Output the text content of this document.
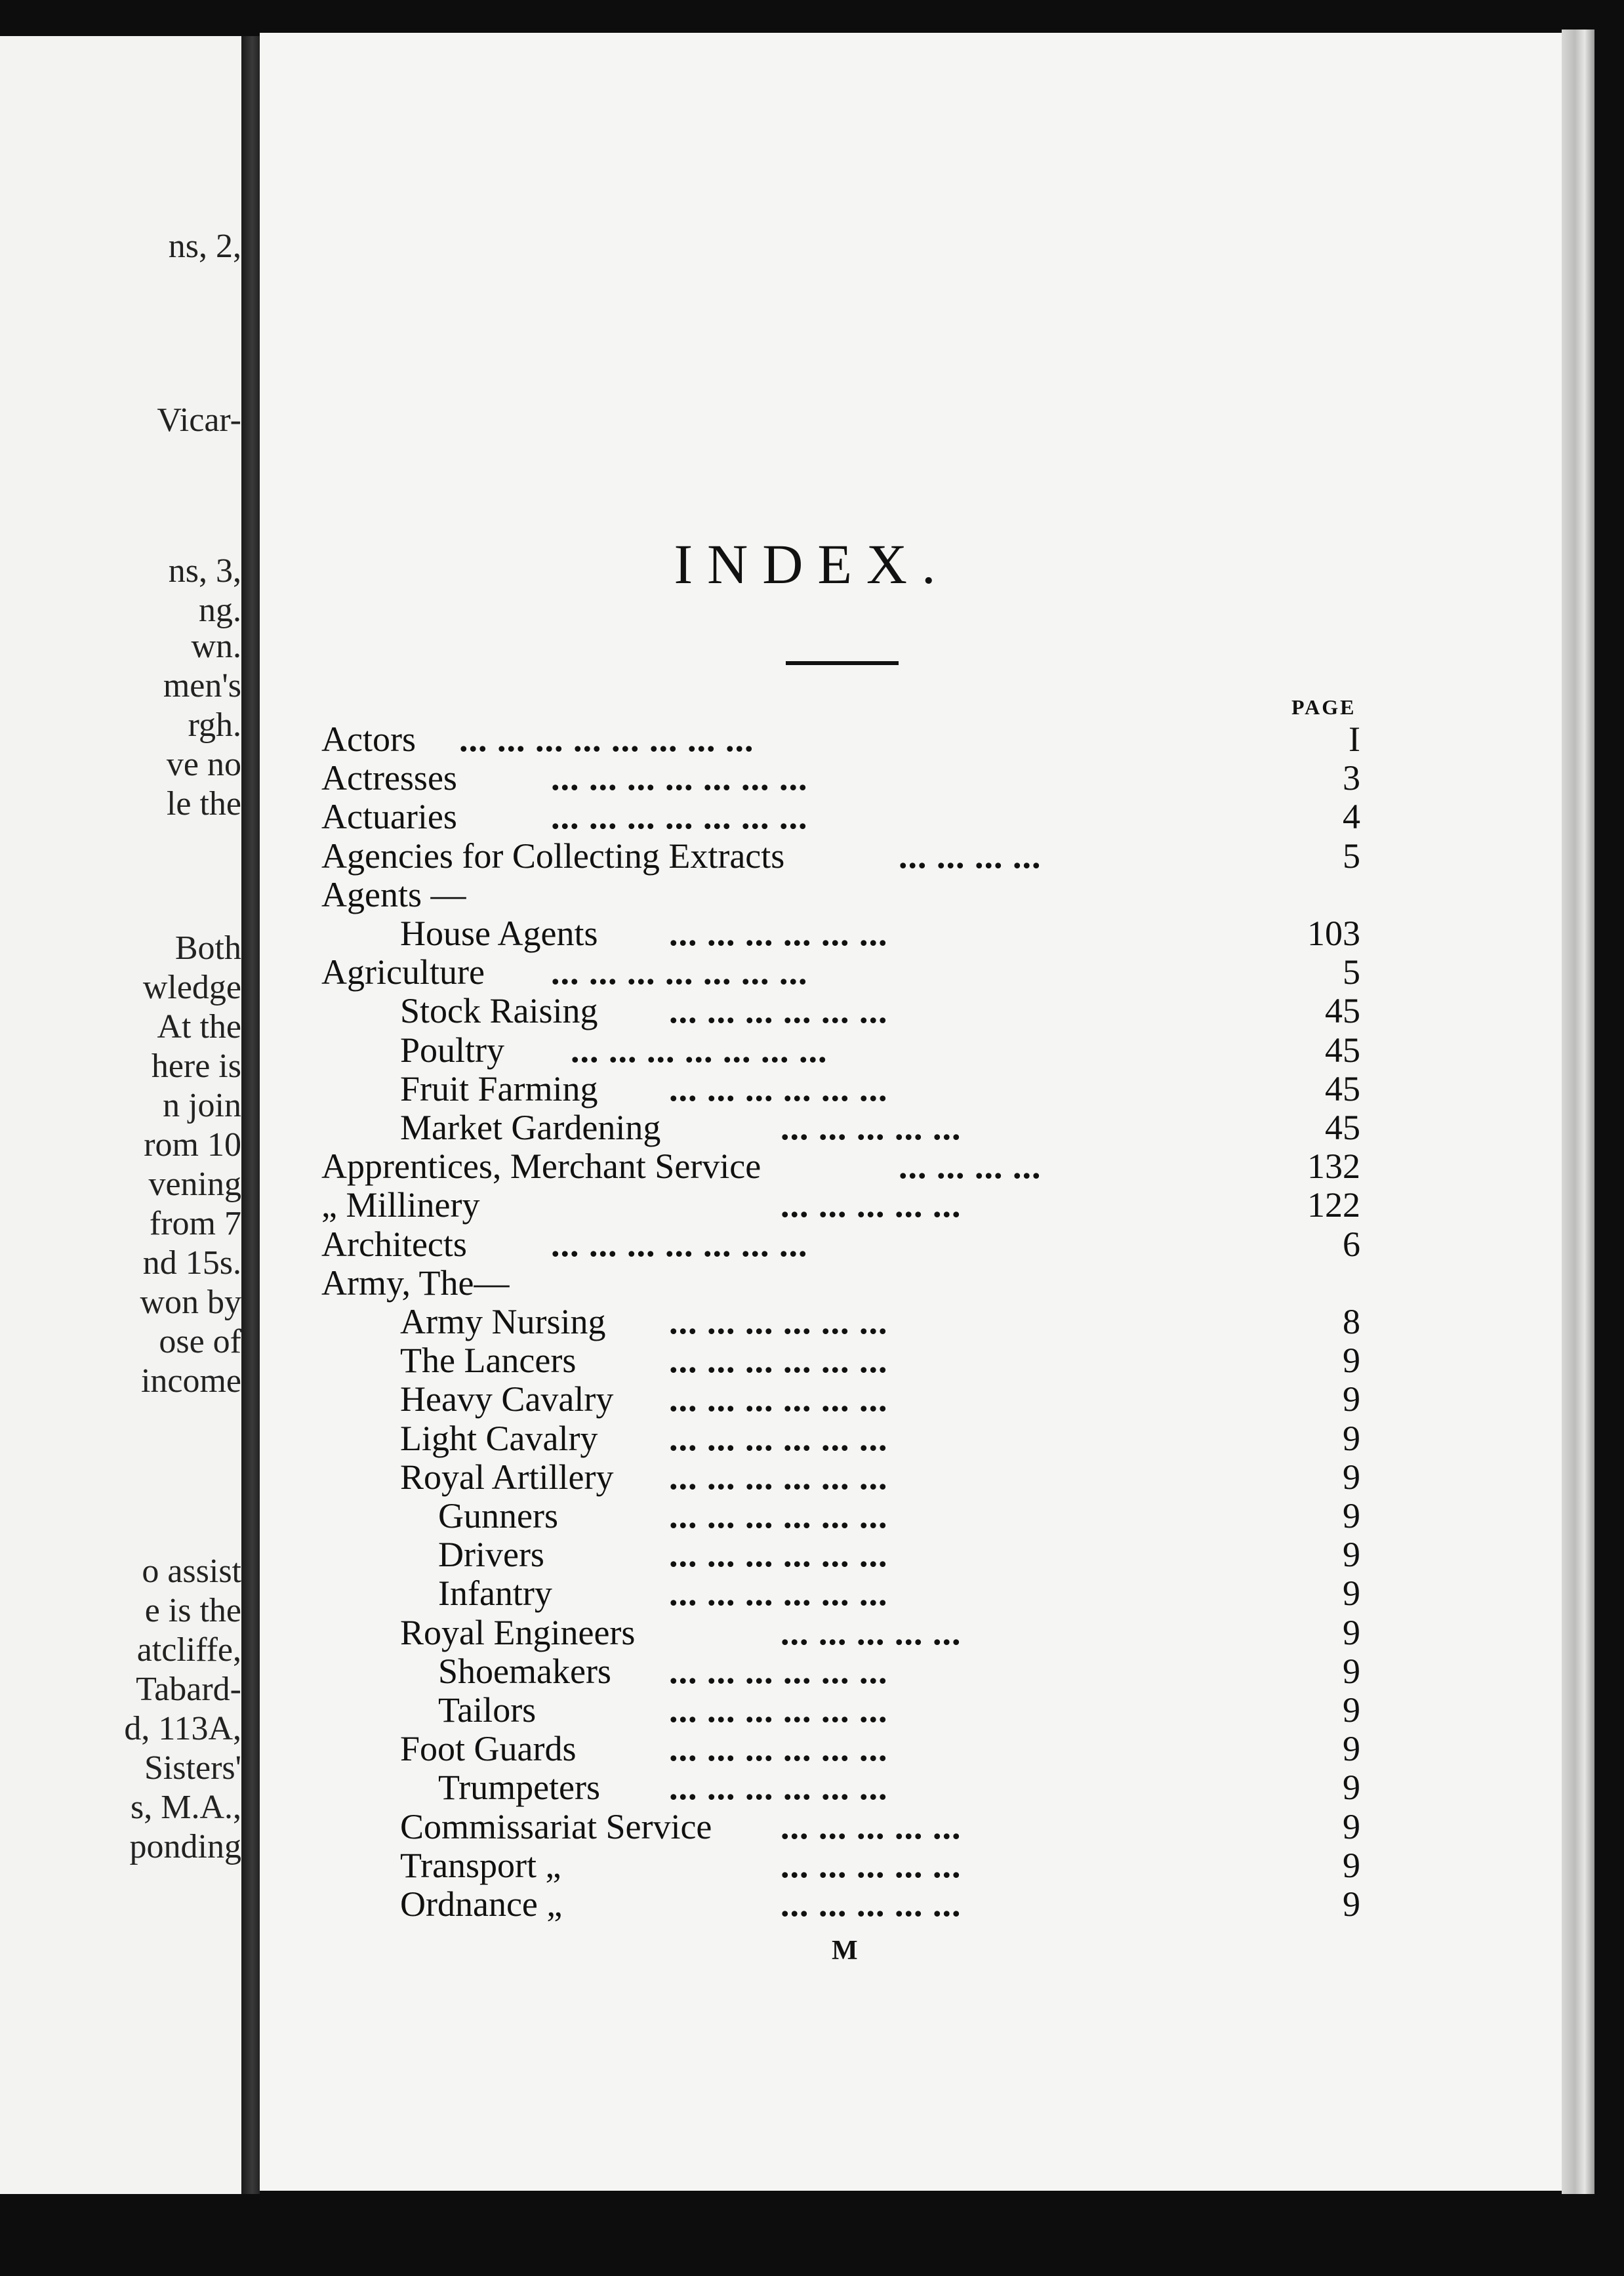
ns, 2,
Vicar-
ns, 3,
ng.
wn.
men's
rgh.
ve no
le the
Both
wledge
At the
here is
n join
rom 10
vening
from 7
nd 15s.
won by
ose of
income
o assist
e is the
atcliffe,
Tabard-
d, 113A,
Sisters'
s, M.A.,
ponding
INDEX.
PAGE
Actors ... ... ... ... ... ... ... ...	I
Actresses	... ... ... ... ... ... ...	3
Actuaries	... ... ... ... ... ... ...	4
Agencies for Collecting Extracts	... ... ... ...	5
Agents —
House Agents ... ... ... ... ... ...	103
Agriculture ... ... ... ... ... ... ...	5
Stock Raising ... ... ... ... ... ...	45
Poultry ... ... ... ... ... ... ...	45
Fruit Farming ... ... ... ... ... ...	45
Market Gardening	... ... ... ... ...	45
Apprentices, Merchant Service	... ... ... ...	132
„ Millinery	... ... ... ... ...	122
Architects ... ... ... ... ... ... ...	6
Army, The—
Army Nursing ... ... ... ... ... ...	8
The Lancers	... ... ... ... ... ...	9
Heavy Cavalry ... ... ... ... ... ...	9
Light Cavalry ... ... ... ... ... ...	9
Royal Artillery ... ... ... ... ... ...	9
Gunners	... ... ... ... ... ...	9
Drivers	... ... ... ... ... ...	9
Infantry	... ... ... ... ... ...	9
Royal Engineers	... ... ... ... ...	9
Shoemakers ... ... ... ... ... ...	9
Tailors	... ... ... ... ... ...	9
Foot Guards	... ... ... ... ... ...	9
Trumpeters ... ... ... ... ... ...	9
Commissariat Service ... ... ... ... ...	9
Transport „	... ... ... ... ...	9
Ordnance „	... ... ... ... ...	9
M
